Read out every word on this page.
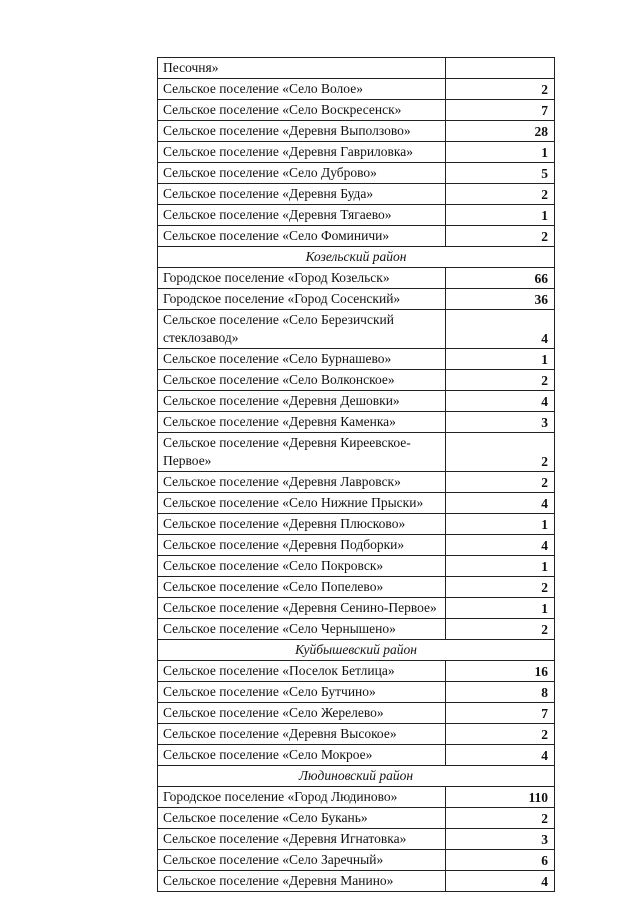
Песочня»
Сельское поселение «Село Волое»	2
Сельское поселение «Село Воскресенск»	7
Сельское поселение «Деревня Выползово»	28
Сельское поселение «Деревня Гавриловка»	1
Сельское поселение «Село Дуброво»	5
Сельское поселение «Деревня Буда»	2
Сельское поселение «Деревня Тягаево»	1
Сельское поселение «Село Фоминичи»	2
Козельский район
Городское поселение «Город Козельск»	66
Городское поселение «Город Сосенский»	36
Сельское поселение «Село Березичский стеклозавод»	4
Сельское поселение «Село Бурнашево»	1
Сельское поселение «Село Волконское»	2
Сельское поселение «Деревня Дешовки»	4
Сельское поселение «Деревня Каменка»	3
Сельское поселение «Деревня Киреевское-Первое»	2
Сельское поселение «Деревня Лавровск»	2
Сельское поселение «Село Нижние Прыски»	4
Сельское поселение «Деревня Плюсково»	1
Сельское поселение «Деревня Подборки»	4
Сельское поселение «Село Покровск»	1
Сельское поселение «Село Попелево»	2
Сельское поселение «Деревня Сенино-Первое»	1
Сельское поселение «Село Чернышено»	2
Куйбышевский район
Сельское поселение «Поселок Бетлица»	16
Сельское поселение «Село Бутчино»	8
Сельское поселение «Село Жерелево»	7
Сельское поселение «Деревня Высокое»	2
Сельское поселение «Село Мокрое»	4
Людиновский район
Городское поселение «Город Людиново»	110
Сельское поселение «Село Букань»	2
Сельское поселение «Деревня Игнатовка»	3
Сельское поселение «Село Заречный»	6
Сельское поселение «Деревня Манино»	4
